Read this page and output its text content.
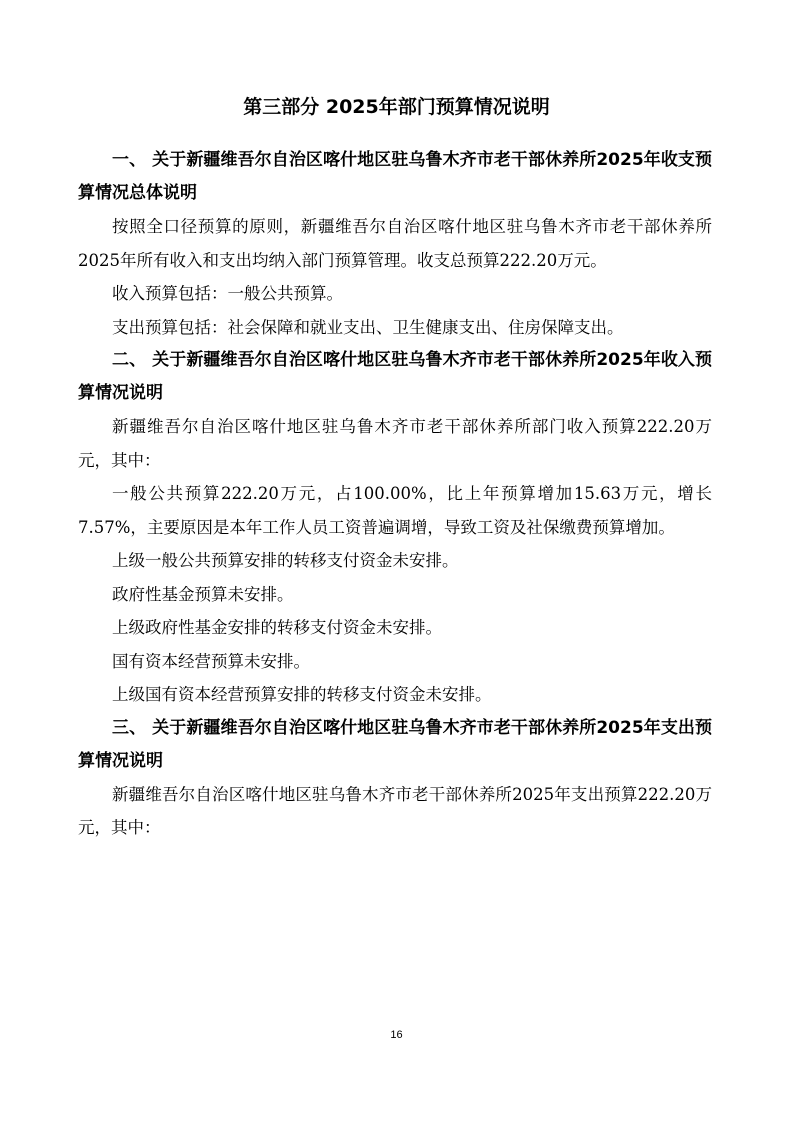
第三部分 2025年部门预算情况说明

一、 关于新疆维吾尔自治区喀什地区驻乌鲁木齐市老干部休养所2025年收支预算情况总体说明

按照全口径预算的原则，新疆维吾尔自治区喀什地区驻乌鲁木齐市老干部休养所2025年所有收入和支出均纳入部门预算管理。收支总预算222.20万元。

收入预算包括：一般公共预算。

支出预算包括：社会保障和就业支出、卫生健康支出、住房保障支出。

二、 关于新疆维吾尔自治区喀什地区驻乌鲁木齐市老干部休养所2025年收入预算情况说明

新疆维吾尔自治区喀什地区驻乌鲁木齐市老干部休养所部门收入预算222.20万元，其中：

一般公共预算222.20万元，占100.00%，比上年预算增加15.63万元，增长7.57%，主要原因是本年工作人员工资普遍调增，导致工资及社保缴费预算增加。

上级一般公共预算安排的转移支付资金未安排。

政府性基金预算未安排。

上级政府性基金安排的转移支付资金未安排。

国有资本经营预算未安排。

上级国有资本经营预算安排的转移支付资金未安排。

三、 关于新疆维吾尔自治区喀什地区驻乌鲁木齐市老干部休养所2025年支出预算情况说明

新疆维吾尔自治区喀什地区驻乌鲁木齐市老干部休养所2025年支出预算222.20万元，其中：

16
